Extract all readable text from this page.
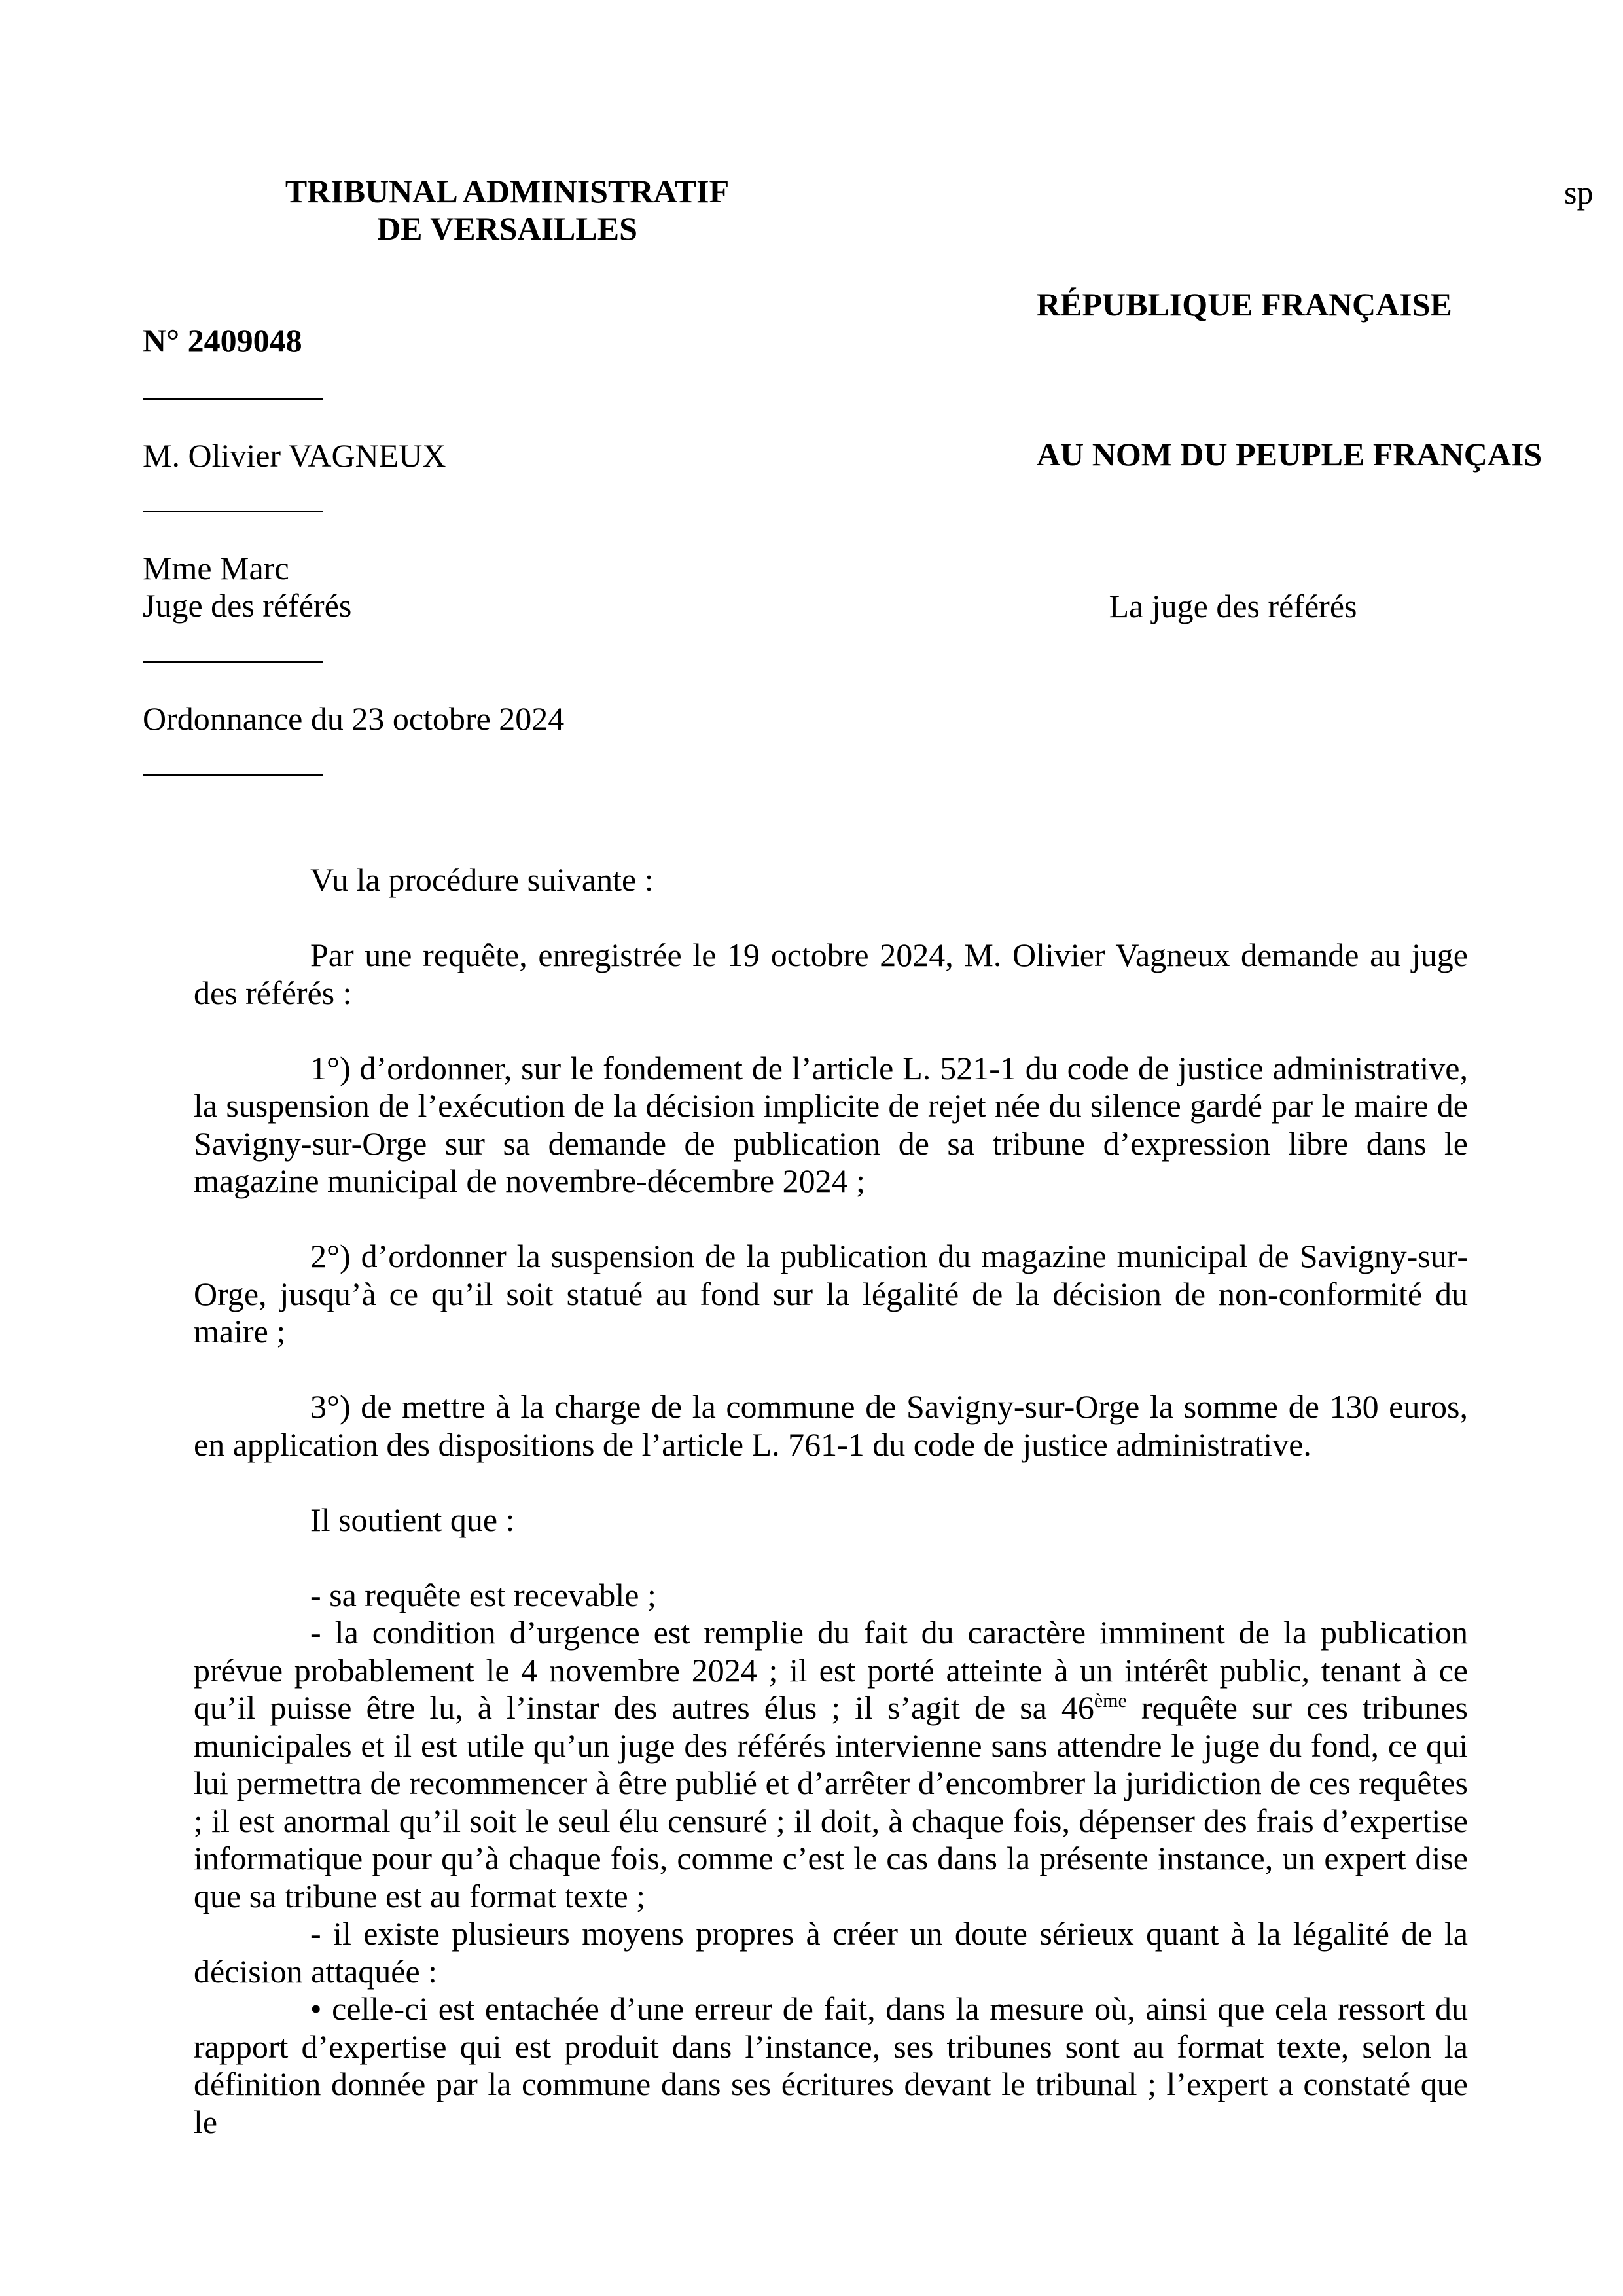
TRIBUNAL ADMINISTRATIF
DE VERSAILLES
sp
RÉPUBLIQUE FRANÇAISE
N° 2409048
M. Olivier VAGNEUX	AU NOM DU PEUPLE FRANÇAIS
Mme Marc
Juge des référés	La juge des référés
Ordonnance du 23 octobre 2024

Vu la procédure suivante :

Par une requête, enregistrée le 19 octobre 2024, M. Olivier Vagneux demande au juge des référés :

1°) d’ordonner, sur le fondement de l’article L. 521-1 du code de justice administrative, la suspension de l’exécution de la décision implicite de rejet née du silence gardé par le maire de Savigny-sur-Orge sur sa demande de publication de sa tribune d’expression libre dans le magazine municipal de novembre-décembre 2024 ;

2°) d’ordonner la suspension de la publication du magazine municipal de Savigny-sur-Orge, jusqu’à ce qu’il soit statué au fond sur la légalité de la décision de non-conformité du maire ;

3°) de mettre à la charge de la commune de Savigny-sur-Orge la somme de 130 euros, en application des dispositions de l’article L. 761-1 du code de justice administrative.

Il soutient que :

- sa requête est recevable ;

- la condition d’urgence est remplie du fait du caractère imminent de la publication prévue probablement le 4 novembre 2024 ; il est porté atteinte à un intérêt public, tenant à ce qu’il puisse être lu, à l’instar des autres élus ; il s’agit de sa 46ème requête sur ces tribunes municipales et il est utile qu’un juge des référés intervienne sans attendre le juge du fond, ce qui lui permettra de recommencer à être publié et d’arrêter d’encombrer la juridiction de ces requêtes ; il est anormal qu’il soit le seul élu censuré ; il doit, à chaque fois, dépenser des frais d’expertise informatique pour qu’à chaque fois, comme c’est le cas dans la présente instance, un expert dise que sa tribune est au format texte ;

- il existe plusieurs moyens propres à créer un doute sérieux quant à la légalité de la décision attaquée :

• celle-ci est entachée d’une erreur de fait, dans la mesure où, ainsi que cela ressort du rapport d’expertise qui est produit dans l’instance, ses tribunes sont au format texte, selon la définition donnée par la commune dans ses écritures devant le tribunal ; l’expert a constaté que le
